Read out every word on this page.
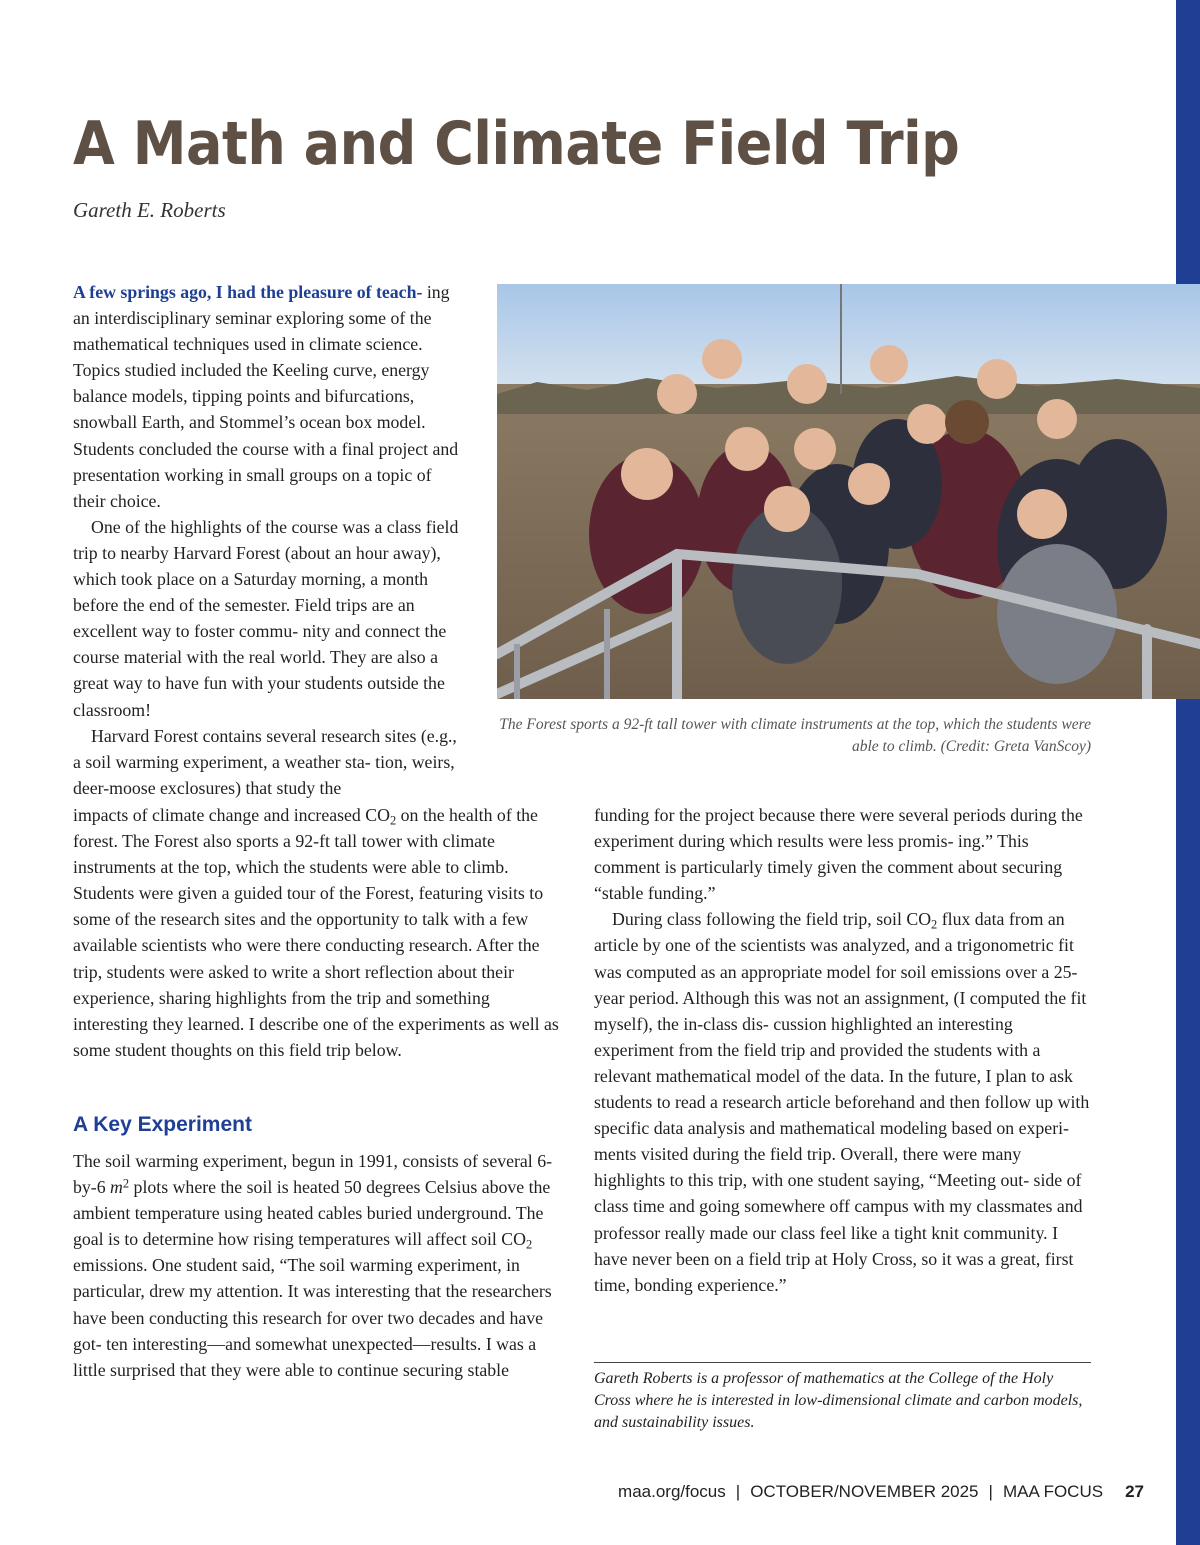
A Math and Climate Field Trip

Gareth E. Roberts

A few springs ago, I had the pleasure of teach- ing an interdisciplinary seminar exploring some of the mathematical techniques used in climate science. Topics studied included the Keeling curve, energy balance models, tipping points and bifurcations, snowball Earth, and Stommel’s ocean box model. Students concluded the course with a final project and presentation working in small groups on a topic of their choice.

One of the highlights of the course was a class field trip to nearby Harvard Forest (about an hour away), which took place on a Saturday morning, a month before the end of the semester. Field trips are an excellent way to foster commu- nity and connect the course material with the real world. They are also a great way to have fun with your students outside the classroom!

Harvard Forest contains several research sites (e.g., a soil warming experiment, a weather sta- tion, weirs, deer-moose exclosures) that study the

The Forest sports a 92-ft tall tower with climate instruments at the top, which the students were able to climb. (Credit: Greta VanScoy)

impacts of climate change and increased $CO_2$ on the health of the forest. The Forest also sports a 92-ft tall tower with climate instruments at the top, which the students were able to climb. Students were given a guided tour of the Forest, featuring visits to some of the research sites and the opportunity to talk with a few available scientists who were there conducting research. After the trip, students were asked to write a short reflection about their experience, sharing highlights from the trip and something interesting they learned. I describe one of the experiments as well as some student thoughts on this field trip below.

A Key Experiment

The soil warming experiment, begun in 1991, consists of several 6-by-6 $m^2$ plots where the soil is heated 50 degrees Celsius above the ambient temperature using heated cables buried underground. The goal is to determine how rising temperatures will affect soil $CO_2$ emissions. One student said, “The soil warming experiment, in particular, drew my attention. It was interesting that the researchers have been conducting this research for over two decades and have got- ten interesting—and somewhat unexpected—results. I was a little surprised that they were able to continue securing stable

funding for the project because there were several periods during the experiment during which results were less promis- ing.” This comment is particularly timely given the comment about securing “stable funding.”

During class following the field trip, soil $CO_2$ flux data from an article by one of the scientists was analyzed, and a trigonometric fit was computed as an appropriate model for soil emissions over a 25-year period. Although this was not an assignment, (I computed the fit myself), the in-class dis- cussion highlighted an interesting experiment from the field trip and provided the students with a relevant mathematical model of the data. In the future, I plan to ask students to read a research article beforehand and then follow up with specific data analysis and mathematical modeling based on experi- ments visited during the field trip. Overall, there were many highlights to this trip, with one student saying, “Meeting out- side of class time and going somewhere off campus with my classmates and professor really made our class feel like a tight knit community. I have never been on a field trip at Holy Cross, so it was a great, first time, bonding experience.”

Gareth Roberts is a professor of mathematics at the College of the Holy Cross where he is interested in low-dimensional climate and carbon models, and sustainability issues.

maa.org/focus | OCTOBER/NOVEMBER 2025 | MAA FOCUS 27
